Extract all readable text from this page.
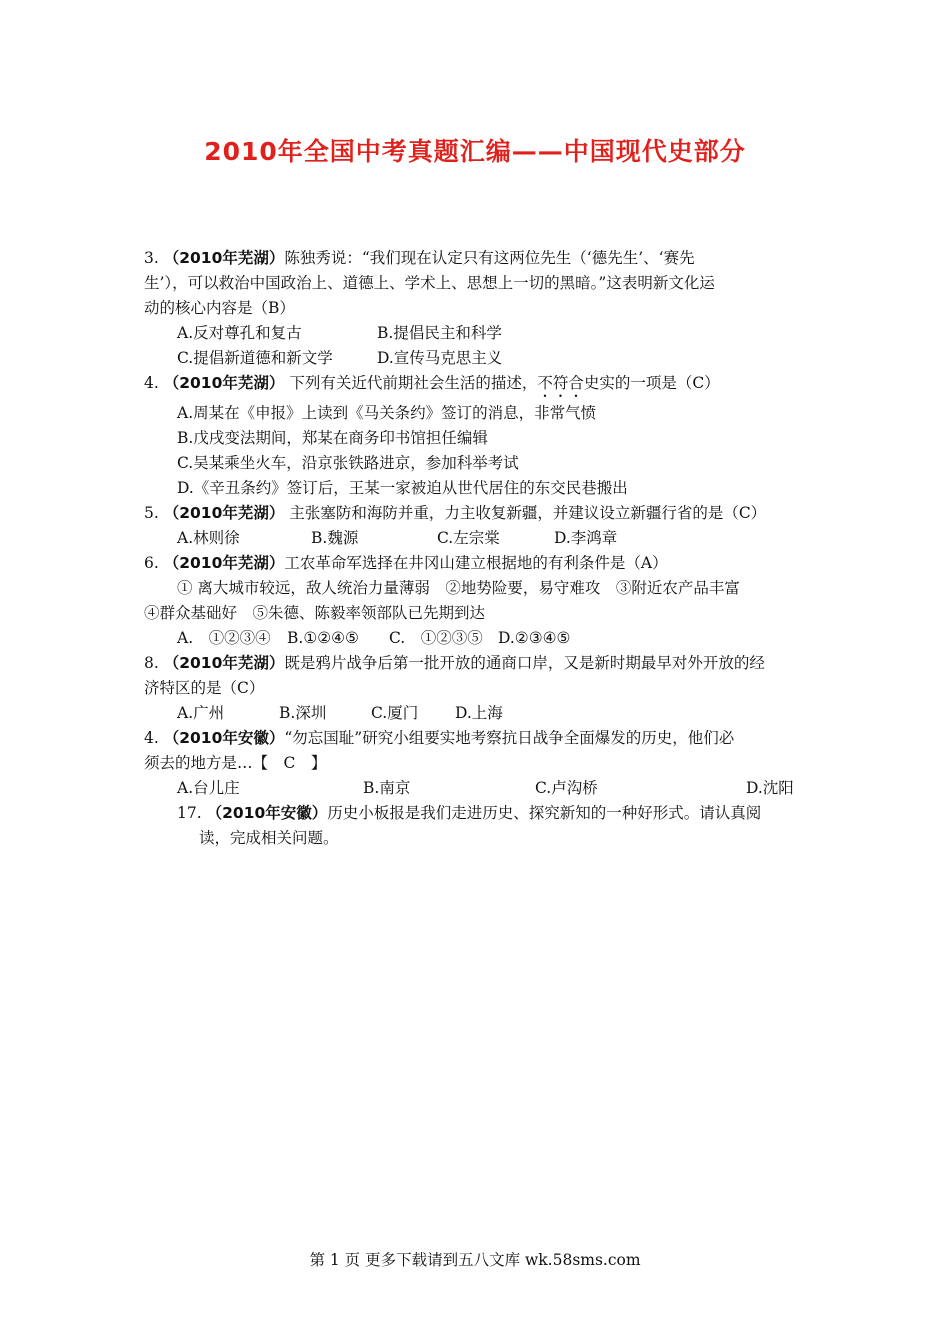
2010年全国中考真题汇编——中国现代史部分
3. （2010年芜湖）陈独秀说：“我们现在认定只有这两位先生（‘德先生’、‘赛先
生’），可以救治中国政治上、道德上、学术上、思想上一切的黑暗。”这表明新文化运
动的核心内容是（B）
A.反对尊孔和复古	B.提倡民主和科学
C.提倡新道德和新文学	D.宣传马克思主义
4. （2010年芜湖） 下列有关近代前期社会生活的描述，不符合史实的一项是（C）
A.周某在《申报》上读到《马关条约》签订的消息，非常气愤
B.戊戌变法期间，郑某在商务印书馆担任编辑
C.吴某乘坐火车，沿京张铁路进京，参加科举考试
D.《辛丑条约》签订后，王某一家被迫从世代居住的东交民巷搬出
5. （2010年芜湖） 主张塞防和海防并重，力主收复新疆，并建议设立新疆行省的是（C）
A.林则徐	B.魏源	C.左宗棠	D.李鸿章
6. （2010年芜湖）工农革命军选择在井冈山建立根据地的有利条件是（A）
① 离大城市较远，敌人统治力量薄弱　②地势险要，易守难攻　③附近农产品丰富
④群众基础好　⑤朱德、陈毅率领部队已先期到达
A.　①②③④	B.①②④⑤	C.　①②③⑤ D.②③④⑤
8. （2010年芜湖）既是鸦片战争后第一批开放的通商口岸，又是新时期最早对外开放的经
济特区的是（C）
A.广州	B.深圳	C.厦门	D.上海
4. （2010年安徽）“勿忘国耻”研究小组要实地考察抗日战争全面爆发的历史，他们必
须去的地方是…【　C　】
A.台儿庄	B.南京	C.卢沟桥	D.沈阳
17. （2010年安徽）历史小板报是我们走进历史、探究新知的一种好形式。请认真阅
读，完成相关问题。
第 1 页 更多下载请到五八文库 wk.58sms.com
